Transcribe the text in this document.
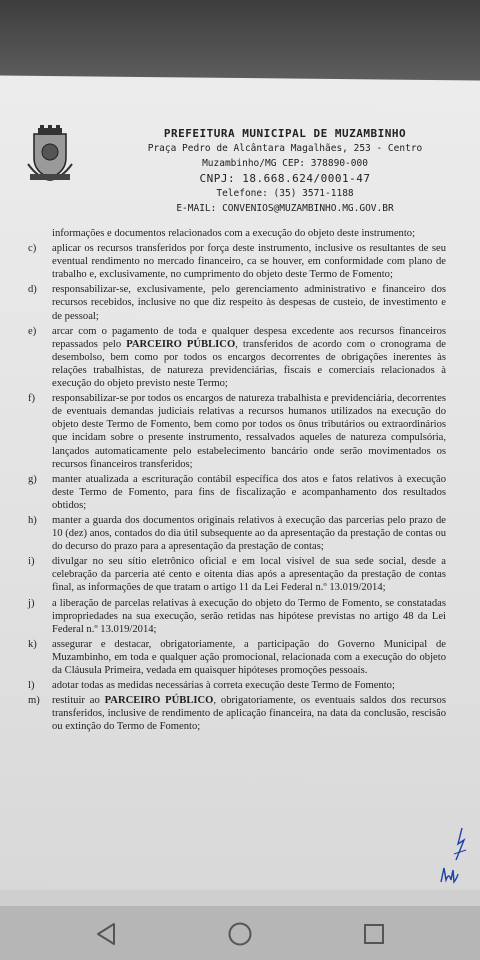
PREFEITURA MUNICIPAL DE MUZAMBINHO
Praça Pedro de Alcântara Magalhães, 253 - Centro
Muzambinho/MG CEP: 378890-000
CNPJ: 18.668.624/0001-47
Telefone: (35) 3571-1188
E-MAIL: CONVENIOS@MUZAMBINHO.MG.GOV.BR
informações e documentos relacionados com a execução do objeto deste instrumento;
c)	aplicar os recursos transferidos por força deste instrumento, inclusive os resultantes de seu eventual rendimento no mercado financeiro, ca se houver, em conformidade com plano de trabalho e, exclusivamente, no cumprimento do objeto deste Termo de Fomento;
d)	responsabilizar-se, exclusivamente, pelo gerenciamento administrativo e financeiro dos recursos recebidos, inclusive no que diz respeito às despesas de custeio, de investimento e de pessoal;
e)	arcar com o pagamento de toda e qualquer despesa excedente aos recursos financeiros repassados pelo PARCEIRO PÚBLICO, transferidos de acordo com o cronograma de desembolso, bem como por todos os encargos decorrentes de obrigações inerentes às relações trabalhistas, de natureza previdenciárias, fiscais e comerciais relacionados à execução do objeto previsto neste Termo;
f)	responsabilizar-se por todos os encargos de natureza trabalhista e previdenciária, decorrentes de eventuais demandas judiciais relativas a recursos humanos utilizados na execução do objeto deste Termo de Fomento, bem como por todos os ônus tributários ou extraordinários que incidam sobre o presente instrumento, ressalvados aqueles de natureza compulsória, lançados automaticamente pelo estabelecimento bancário onde serão movimentados os recursos financeiros transferidos;
g)	manter atualizada a escrituração contábil específica dos atos e fatos relativos à execução deste Termo de Fomento, para fins de fiscalização e acompanhamento dos resultados obtidos;
h)	manter a guarda dos documentos originais relativos à execução das parcerias pelo prazo de 10 (dez) anos, contados do dia útil subsequente ao da apresentação da prestação de contas ou do decurso do prazo para a apresentação da prestação de contas;
i)	divulgar no seu sítio eletrônico oficial e em local visível de sua sede social, desde a celebração da parceria até cento e oitenta dias após a apresentação da prestação de contas final, as informações de que tratam o artigo 11 da Lei Federal n.º 13.019/2014;
j)	a liberação de parcelas relativas à execução do objeto do Termo de Fomento, se constatadas impropriedades na sua execução, serão retidas nas hipótese previstas no artigo 48 da Lei Federal n.º 13.019/2014;
k)	assegurar e destacar, obrigatoriamente, a participação do Governo Municipal de Muzambinho, em toda e qualquer ação promocional, relacionada com a execução do objeto da Cláusula Primeira, vedada em quaisquer hipóteses promoções pessoais.
l)	adotar todas as medidas necessárias à correta execução deste Termo de Fomento;
m)	restituir ao PARCEIRO PÚBLICO, obrigatoriamente, os eventuais saldos dos recursos transferidos, inclusive de rendimento de aplicação financeira, na data da conclusão, rescisão ou extinção do Termo de Fomento;
